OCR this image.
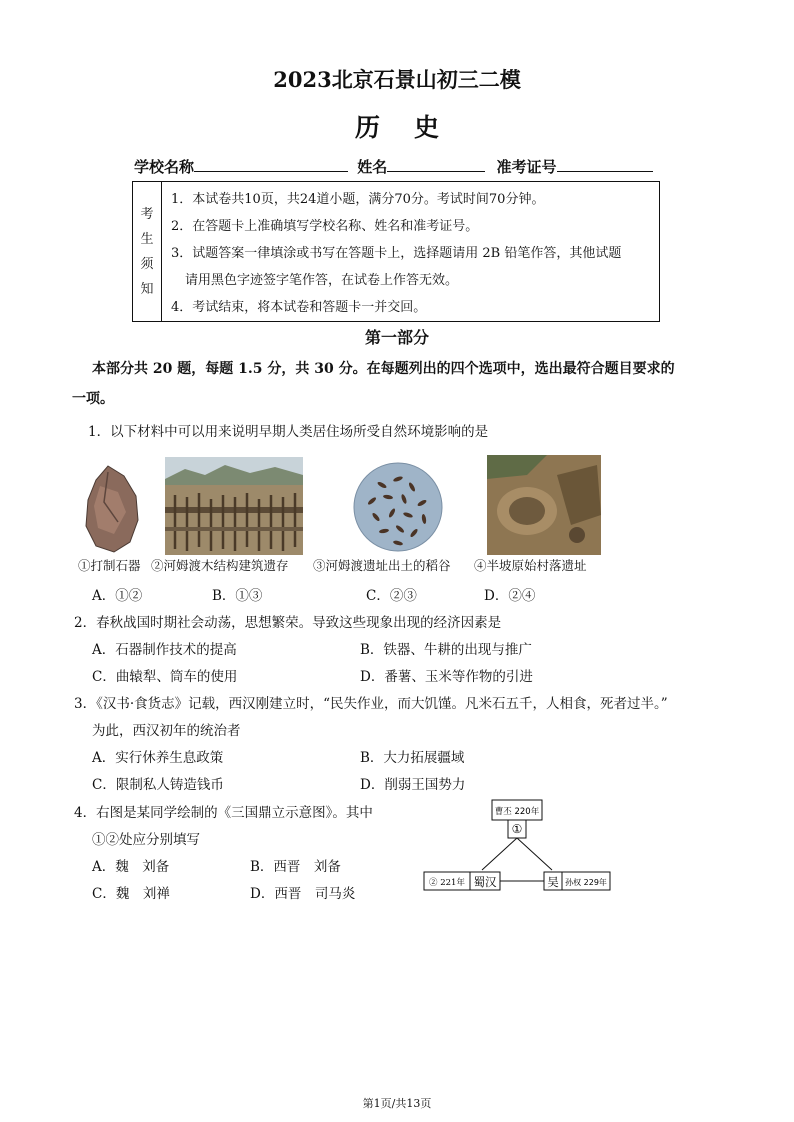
2023北京石景山初三二模
历史
学校名称	姓名	准考证号
考
生
须
知
1．本试卷共10页，共24道小题，满分70分。考试时间70分钟。
2．在答题卡上准确填写学校名称、姓名和准考证号。
3．试题答案一律填涂或书写在答题卡上，选择题请用 2B 铅笔作答，其他试题
请用黑色字迹签字笔作答，在试卷上作答无效。
4．考试结束，将本试卷和答题卡一并交回。
第一部分
本部分共 20 题，每题 1.5 分，共 30 分。在每题列出的四个选项中，选出最符合题目要求的
一项。
1．以下材料中可以用来说明早期人类居住场所受自然环境影响的是
①打制石器 ②河姆渡木结构建筑遗存 ③河姆渡遗址出土的稻谷 ④半坡原始村落遗址
A．①②	B．①③	C．②③	D．②④
2．春秋战国时期社会动荡，思想繁荣。导致这些现象出现的经济因素是
A．石器制作技术的提高	B．铁器、牛耕的出现与推广
C．曲辕犁、筒车的使用	D．番薯、玉米等作物的引进
3．《汉书·食货志》记载，西汉刚建立时，“民失作业，而大饥馑。凡米石五千，人相食，死者过半。”
为此，西汉初年的统治者
A．实行休养生息政策	B．大力拓展疆域
C．限制私人铸造钱币	D．削弱王国势力
4．右图是某同学绘制的《三国鼎立示意图》。其中
①②处应分别填写
A．魏　刘备	B．西晋　刘备
C．魏　刘禅	D．西晋　司马炎
曹丕 220年
①
② 221年 蜀汉	吴 孙权 229年
第1页/共13页
